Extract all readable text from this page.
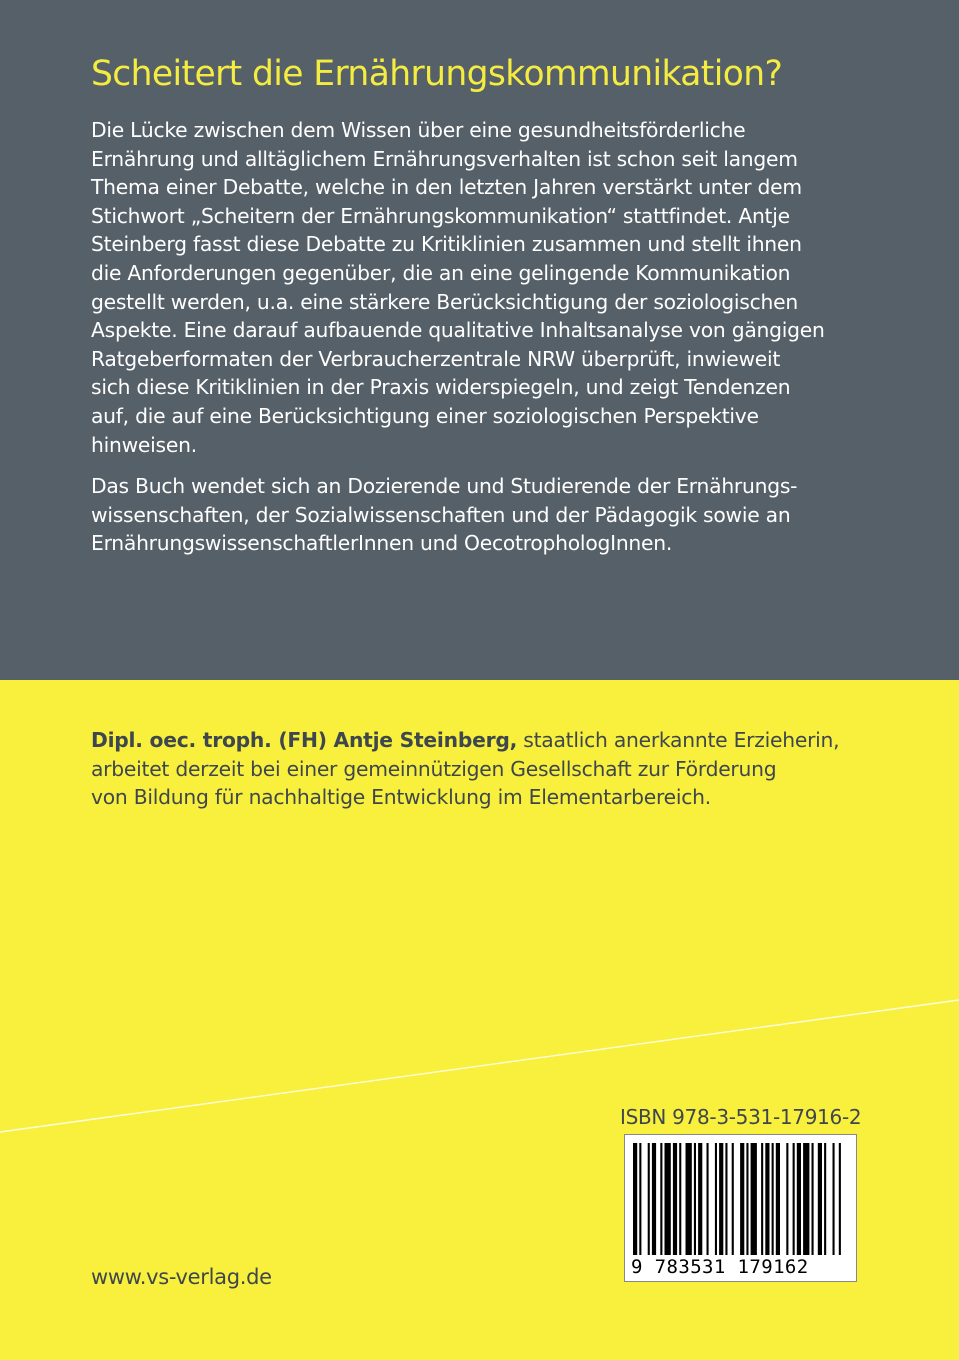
Scheitert die Ernährungskommunikation?

Die Lücke zwischen dem Wissen über eine gesundheitsförderliche
Ernährung und alltäglichem Ernährungsverhalten ist schon seit langem
Thema einer Debatte, welche in den letzten Jahren verstärkt unter dem
Stichwort „Scheitern der Ernährungskommunikation“ stattfindet. Antje
Steinberg fasst diese Debatte zu Kritiklinien zusammen und stellt ihnen
die Anforderungen gegenüber, die an eine gelingende Kommunikation
gestellt werden, u.a. eine stärkere Berücksichtigung der soziologischen
Aspekte. Eine darauf aufbauende qualitative Inhaltsanalyse von gängigen
Ratgeberformaten der Verbraucherzentrale NRW überprüft, inwieweit
sich diese Kritiklinien in der Praxis widerspiegeln, und zeigt Tendenzen
auf, die auf eine Berücksichtigung einer soziologischen Perspektive
hinweisen.

Das Buch wendet sich an Dozierende und Studierende der Ernährungs-
wissenschaften, der Sozialwissenschaften und der Pädagogik sowie an
ErnährungswissenschaftlerInnen und OecotrophologInnen.

Dipl. oec. troph. (FH) Antje Steinberg, staatlich anerkannte Erzieherin,
arbeitet derzeit bei einer gemeinnützigen Gesellschaft zur Förderung
von Bildung für nachhaltige Entwicklung im Elementarbereich.

ISBN 978-3-531-17916-2
9 783531 179162
www.vs-verlag.de
